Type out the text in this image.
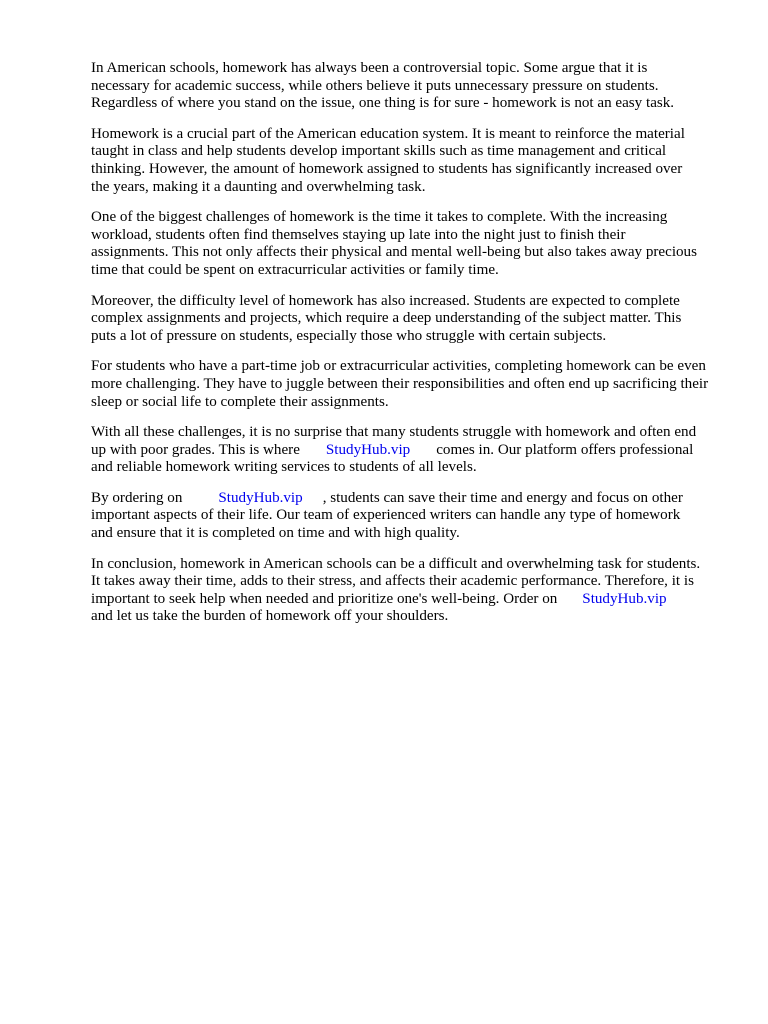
In American schools, homework has always been a controversial topic. Some argue that it is
necessary for academic success, while others believe it puts unnecessary pressure on students.
Regardless of where you stand on the issue, one thing is for sure - homework is not an easy task.

Homework is a crucial part of the American education system. It is meant to reinforce the material
taught in class and help students develop important skills such as time management and critical
thinking. However, the amount of homework assigned to students has significantly increased over
the years, making it a daunting and overwhelming task.

One of the biggest challenges of homework is the time it takes to complete. With the increasing
workload, students often find themselves staying up late into the night just to finish their
assignments. This not only affects their physical and mental well-being but also takes away precious
time that could be spent on extracurricular activities or family time.

Moreover, the difficulty level of homework has also increased. Students are expected to complete
complex assignments and projects, which require a deep understanding of the subject matter. This
puts a lot of pressure on students, especially those who struggle with certain subjects.

For students who have a part-time job or extracurricular activities, completing homework can be even
more challenging. They have to juggle between their responsibilities and often end up sacrificing their
sleep or social life to complete their assignments.

With all these challenges, it is no surprise that many students struggle with homework and often end
up with poor grades. This is where StudyHub.vip comes in. Our platform offers professional
and reliable homework writing services to students of all levels.

By ordering on StudyHub.vip , students can save their time and energy and focus on other
important aspects of their life. Our team of experienced writers can handle any type of homework
and ensure that it is completed on time and with high quality.

In conclusion, homework in American schools can be a difficult and overwhelming task for students.
It takes away their time, adds to their stress, and affects their academic performance. Therefore, it is
important to seek help when needed and prioritize one's well-being. Order on StudyHub.vip
and let us take the burden of homework off your shoulders.
